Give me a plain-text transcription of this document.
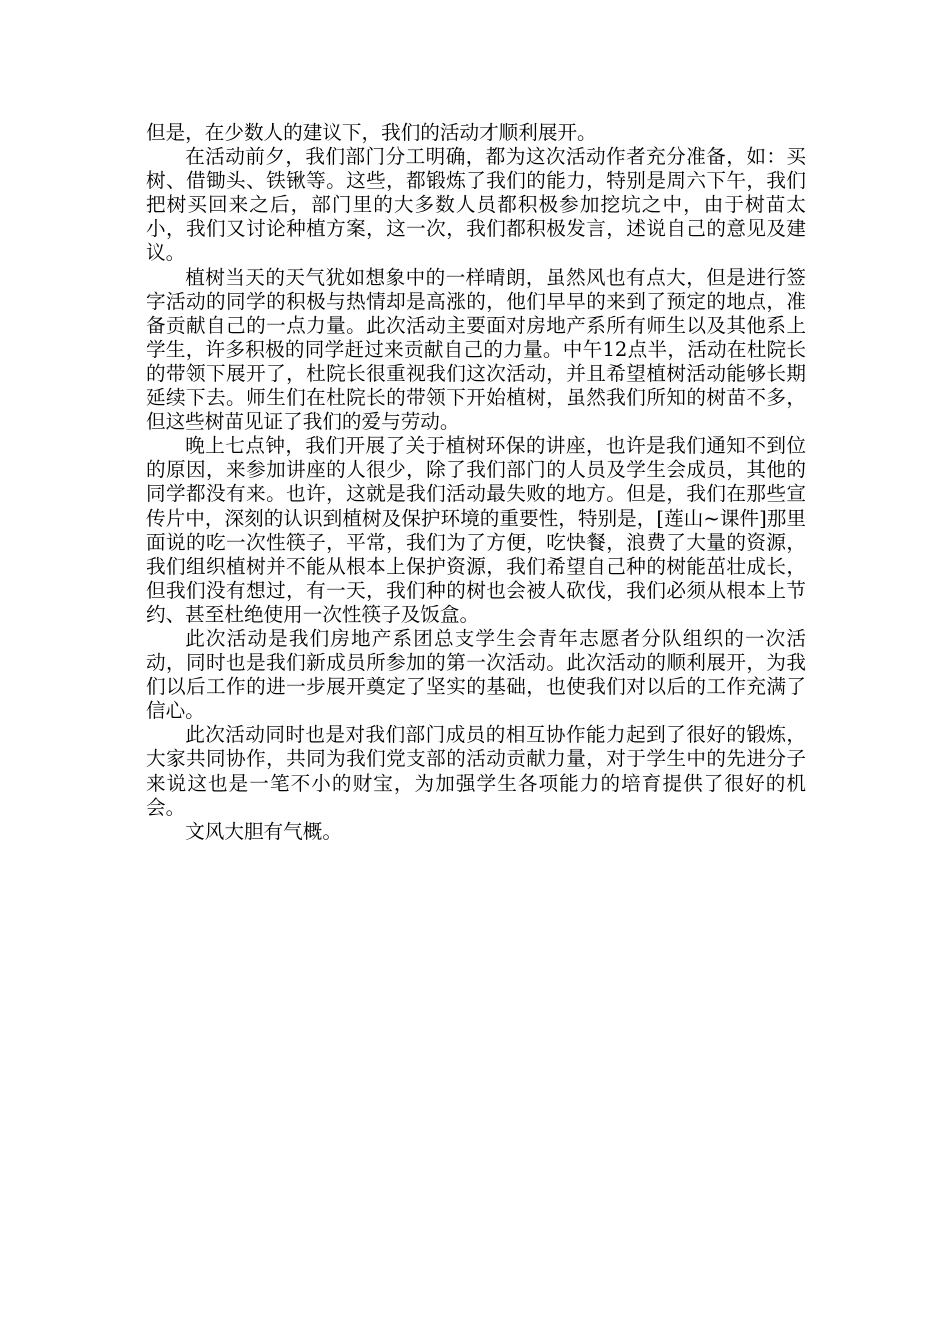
但是，在少数人的建议下，我们的活动才顺利展开。

在活动前夕，我们部门分工明确，都为这次活动作者充分准备，如：买树、借锄头、铁锹等。这些，都锻炼了我们的能力，特别是周六下午，我们把树买回来之后，部门里的大多数人员都积极参加挖坑之中，由于树苗太小，我们又讨论种植方案，这一次，我们都积极发言，述说自己的意见及建议。

植树当天的天气犹如想象中的一样晴朗，虽然风也有点大，但是进行签字活动的同学的积极与热情却是高涨的，他们早早的来到了预定的地点，准备贡献自己的一点力量。此次活动主要面对房地产系所有师生以及其他系上学生，许多积极的同学赶过来贡献自己的力量。中午12点半，活动在杜院长的带领下展开了，杜院长很重视我们这次活动，并且希望植树活动能够长期延续下去。师生们在杜院长的带领下开始植树，虽然我们所知的树苗不多，但这些树苗见证了我们的爱与劳动。

晚上七点钟，我们开展了关于植树环保的讲座，也许是我们通知不到位的原因，来参加讲座的人很少，除了我们部门的人员及学生会成员，其他的同学都没有来。也许，这就是我们活动最失败的地方。但是，我们在那些宣传片中，深刻的认识到植树及保护环境的重要性，特别是，[莲山~课件]那里面说的吃一次性筷子，平常，我们为了方便，吃快餐，浪费了大量的资源，我们组织植树并不能从根本上保护资源，我们希望自己种的树能茁壮成长，但我们没有想过，有一天，我们种的树也会被人砍伐，我们必须从根本上节约、甚至杜绝使用一次性筷子及饭盒。

此次活动是我们房地产系团总支学生会青年志愿者分队组织的一次活动，同时也是我们新成员所参加的第一次活动。此次活动的顺利展开，为我们以后工作的进一步展开奠定了坚实的基础，也使我们对以后的工作充满了信心。

此次活动同时也是对我们部门成员的相互协作能力起到了很好的锻炼，大家共同协作，共同为我们党支部的活动贡献力量，对于学生中的先进分子来说这也是一笔不小的财宝，为加强学生各项能力的培育提供了很好的机会。

文风大胆有气概。
